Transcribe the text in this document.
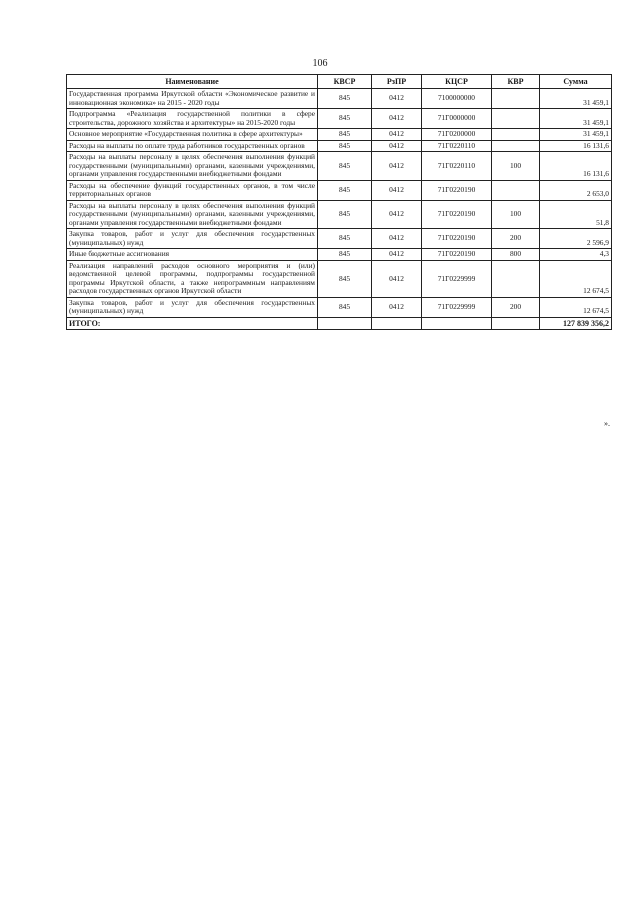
106
Наименование	КВСР	РзПР	КЦСР	КВР	Сумма
Государственная программа Иркутской области «Экономическое развитие и инновационная экономика» на 2015 - 2020 годы	845	0412	7100000000		31 459,1
Подпрограмма «Реализация государственной политики в сфере строительства, дорожного хозяйства и архитектуры» на 2015-2020 годы	845	0412	71Г0000000		31 459,1
Основное мероприятие «Государственная политика в сфере архитектуры»	845	0412	71Г0200000		31 459,1
Расходы на выплаты по оплате труда работников государственных органов	845	0412	71Г0220110		16 131,6
Расходы на выплаты персоналу в целях обеспечения выполнения функций государственными (муниципальными) органами, казенными учреждениями, органами управления государственными внебюджетными фондами	845	0412	71Г0220110	100	16 131,6
Расходы на обеспечение функций государственных органов, в том числе территориальных органов	845	0412	71Г0220190		2 653,0
Расходы на выплаты персоналу в целях обеспечения выполнения функций государственными (муниципальными) органами, казенными учреждениями, органами управления государственными внебюджетными фондами	845	0412	71Г0220190	100	51,8
Закупка товаров, работ и услуг для обеспечения государственных (муниципальных) нужд	845	0412	71Г0220190	200	2 596,9
Иные бюджетные ассигнования	845	0412	71Г0220190	800	4,3
Реализация направлений расходов основного мероприятия и (или) ведомственной целевой программы, подпрограммы государственной программы Иркутской области, а также непрограммным направлениям расходов государственных органов Иркутской области	845	0412	71Г0229999		12 674,5
Закупка товаров, работ и услуг для обеспечения государственных (муниципальных) нужд	845	0412	71Г0229999	200	12 674,5
ИТОГО:					127 839 356,2
».
